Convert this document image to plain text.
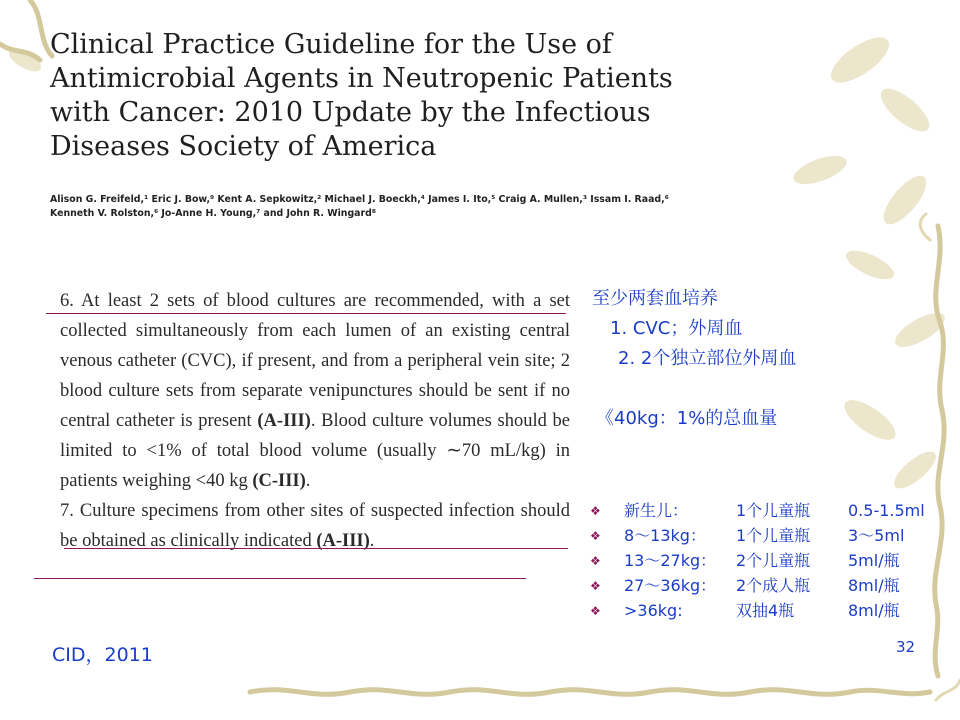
Clinical Practice Guideline for the Use of
Antimicrobial Agents in Neutropenic Patients
with Cancer: 2010 Update by the Infectious
Diseases Society of America
Alison G. Freifeld,¹ Eric J. Bow,⁹ Kent A. Sepkowitz,² Michael J. Boeckh,⁴ James I. Ito,⁵ Craig A. Mullen,³ Issam I. Raad,⁶
Kenneth V. Rolston,⁶ Jo-Anne H. Young,⁷ and John R. Wingard⁸

6. At least 2 sets of blood cultures are recommended, with a set collected simultaneously from each lumen of an existing central venous catheter (CVC), if present, and from a peripheral vein site; 2 blood culture sets from separate venipunctures should be sent if no central catheter is present (A-III). Blood culture volumes should be limited to <1% of total blood volume (usually ∼70 mL/kg) in patients weighing <40 kg (C-III).

7. Culture specimens from other sites of suspected infection should be obtained as clinically indicated (A-III).

至少两套血培养
1. CVC；外周血
2. 2个独立部位外周血
《40kg：1%的总血量
❖ 新生儿：	1个儿童瓶 0.5-1.5ml
❖ 8～13kg： 1个儿童瓶 3～5ml
❖ 13～27kg： 2个儿童瓶 5ml/瓶
❖ 27～36kg： 2个成人瓶 8ml/瓶
❖ >36kg:	双抽4瓶	8ml/瓶
CID，2011	32
